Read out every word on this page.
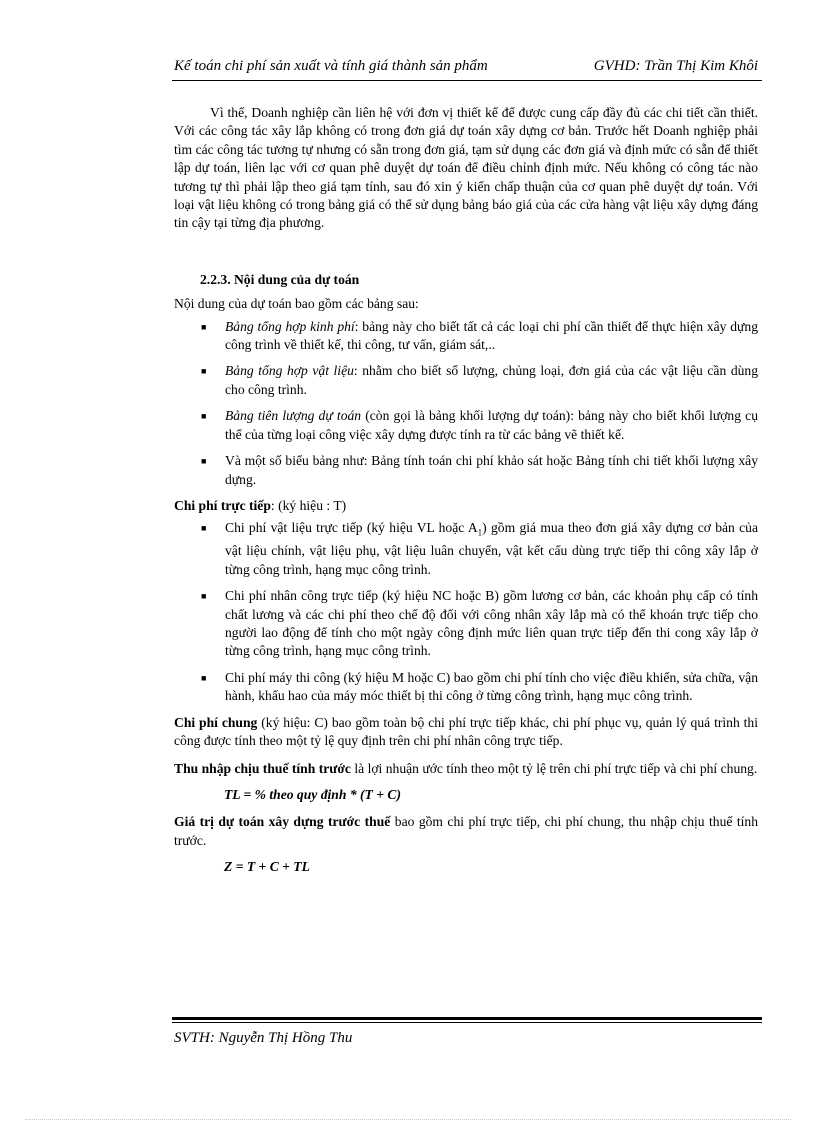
Kế toán chi phí sản xuất và tính giá thành sản phẩm	GVHD: Trần Thị Kim Khôi

Vì thế, Doanh nghiệp cần liên hệ với đơn vị thiết kế để được cung cấp đầy đủ các chi tiết cần thiết. Với các công tác xây lắp không có trong đơn giá dự toán xây dựng cơ bản. Trước hết Doanh nghiệp phải tìm các công tác tương tự nhưng có sẵn trong đơn giá, tạm sử dụng các đơn giá và định mức có sẵn để thiết lập dự toán, liên lạc với cơ quan phê duyệt dự toán để điều chỉnh định mức. Nếu không có công tác nào tương tự thì phải lập theo giá tạm tính, sau đó xin ý kiến chấp thuận của cơ quan phê duyệt dự toán. Với loại vật liệu không có trong bảng giá có thể sử dụng bảng báo giá của các cửa hàng vật liệu xây dựng đáng tin cậy tại từng địa phương.

2.2.3. Nội dung của dự toán

Nội dung của dự toán bao gồm các bảng sau:

■ Bảng tổng hợp kinh phí: bảng này cho biết tất cả các loại chi phí cần thiết để thực hiện xây dựng công trình về thiết kế, thi công, tư vấn, giám sát,..
■ Bảng tổng hợp vật liệu: nhằm cho biết số lượng, chủng loại, đơn giá của các vật liệu cần dùng cho công trình.
■ Bảng tiên lượng dự toán (còn gọi là bảng khối lượng dự toán): bảng này cho biết khối lượng cụ thể của từng loại công việc xây dựng được tính ra từ các bảng vẽ thiết kế.
■ Và một số biểu bảng như: Bảng tính toán chi phí khảo sát hoặc Bảng tính chi tiết khối lượng xây dựng.

Chi phí trực tiếp: (ký hiệu : T)

■ Chi phí vật liệu trực tiếp (ký hiệu VL hoặc $A_1$) gồm giá mua theo đơn giá xây dựng cơ bản của vật liệu chính, vật liệu phụ, vật liệu luân chuyển, vật kết cấu dùng trực tiếp thi công xây lắp ở từng công trình, hạng mục công trình.
■ Chi phí nhân công trực tiếp (ký hiệu NC hoặc B) gồm lương cơ bản, các khoản phụ cấp có tính chất lương và các chi phí theo chế độ đối với công nhân xây lắp mà có thể khoán trực tiếp cho người lao động để tính cho một ngày công định mức liên quan trực tiếp đến thi cong xây lắp ở từng công trình, hạng mục công trình.
■ Chi phí máy thi công (ký hiệu M hoặc C) bao gồm chi phí tính cho việc điều khiển, sửa chữa, vận hành, khấu hao của máy móc thiết bị thi công ở từng công trình, hạng mục công trình.

Chi phí chung (ký hiệu: C) bao gồm toàn bộ chi phí trực tiếp khác, chi phí phục vụ, quản lý quá trình thi công được tính theo một tỷ lệ quy định trên chi phí nhân công trực tiếp.

Thu nhập chịu thuế tính trước là lợi nhuận ước tính theo một tỷ lệ trên chi phí trực tiếp và chi phí chung.

TL = % theo quy định * (T + C)

Giá trị dự toán xây dựng trước thuế bao gồm chi phí trực tiếp, chi phí chung, thu nhập chịu thuế tính trước.

Z = T + C + TL

SVTH: Nguyễn Thị Hồng Thu
